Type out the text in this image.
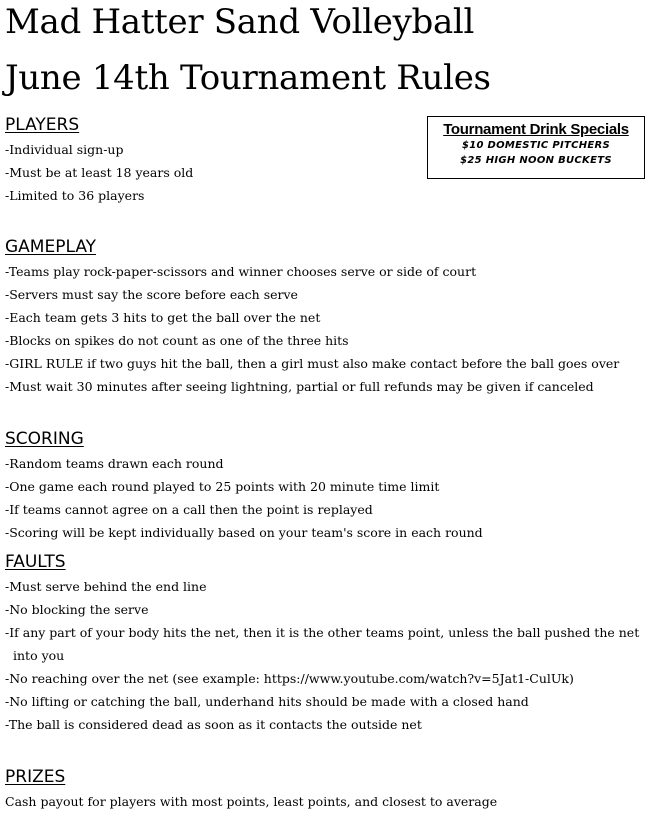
Mad Hatter Sand Volleyball
June 14th Tournament Rules
Tournament Drink Specials
$10 DOMESTIC PITCHERS
$25 HIGH NOON BUCKETS
PLAYERS
-Individual sign-up
-Must be at least 18 years old
-Limited to 36 players
GAMEPLAY
-Teams play rock-paper-scissors and winner chooses serve or side of court
-Servers must say the score before each serve
-Each team gets 3 hits to get the ball over the net
-Blocks on spikes do not count as one of the three hits
-GIRL RULE if two guys hit the ball, then a girl must also make contact before the ball goes over
-Must wait 30 minutes after seeing lightning, partial or full refunds may be given if canceled
SCORING
-Random teams drawn each round
-One game each round played to 25 points with 20 minute time limit
-If teams cannot agree on a call then the point is replayed
-Scoring will be kept individually based on your team's score in each round
FAULTS
-Must serve behind the end line
-No blocking the serve
-If any part of your body hits the net, then it is the other teams point, unless the ball pushed the net into you
-No reaching over the net (see example: https://www.youtube.com/watch?v=5Jat1-CulUk)
-No lifting or catching the ball, underhand hits should be made with a closed hand
-The ball is considered dead as soon as it contacts the outside net
PRIZES
Cash payout for players with most points, least points, and closest to average
